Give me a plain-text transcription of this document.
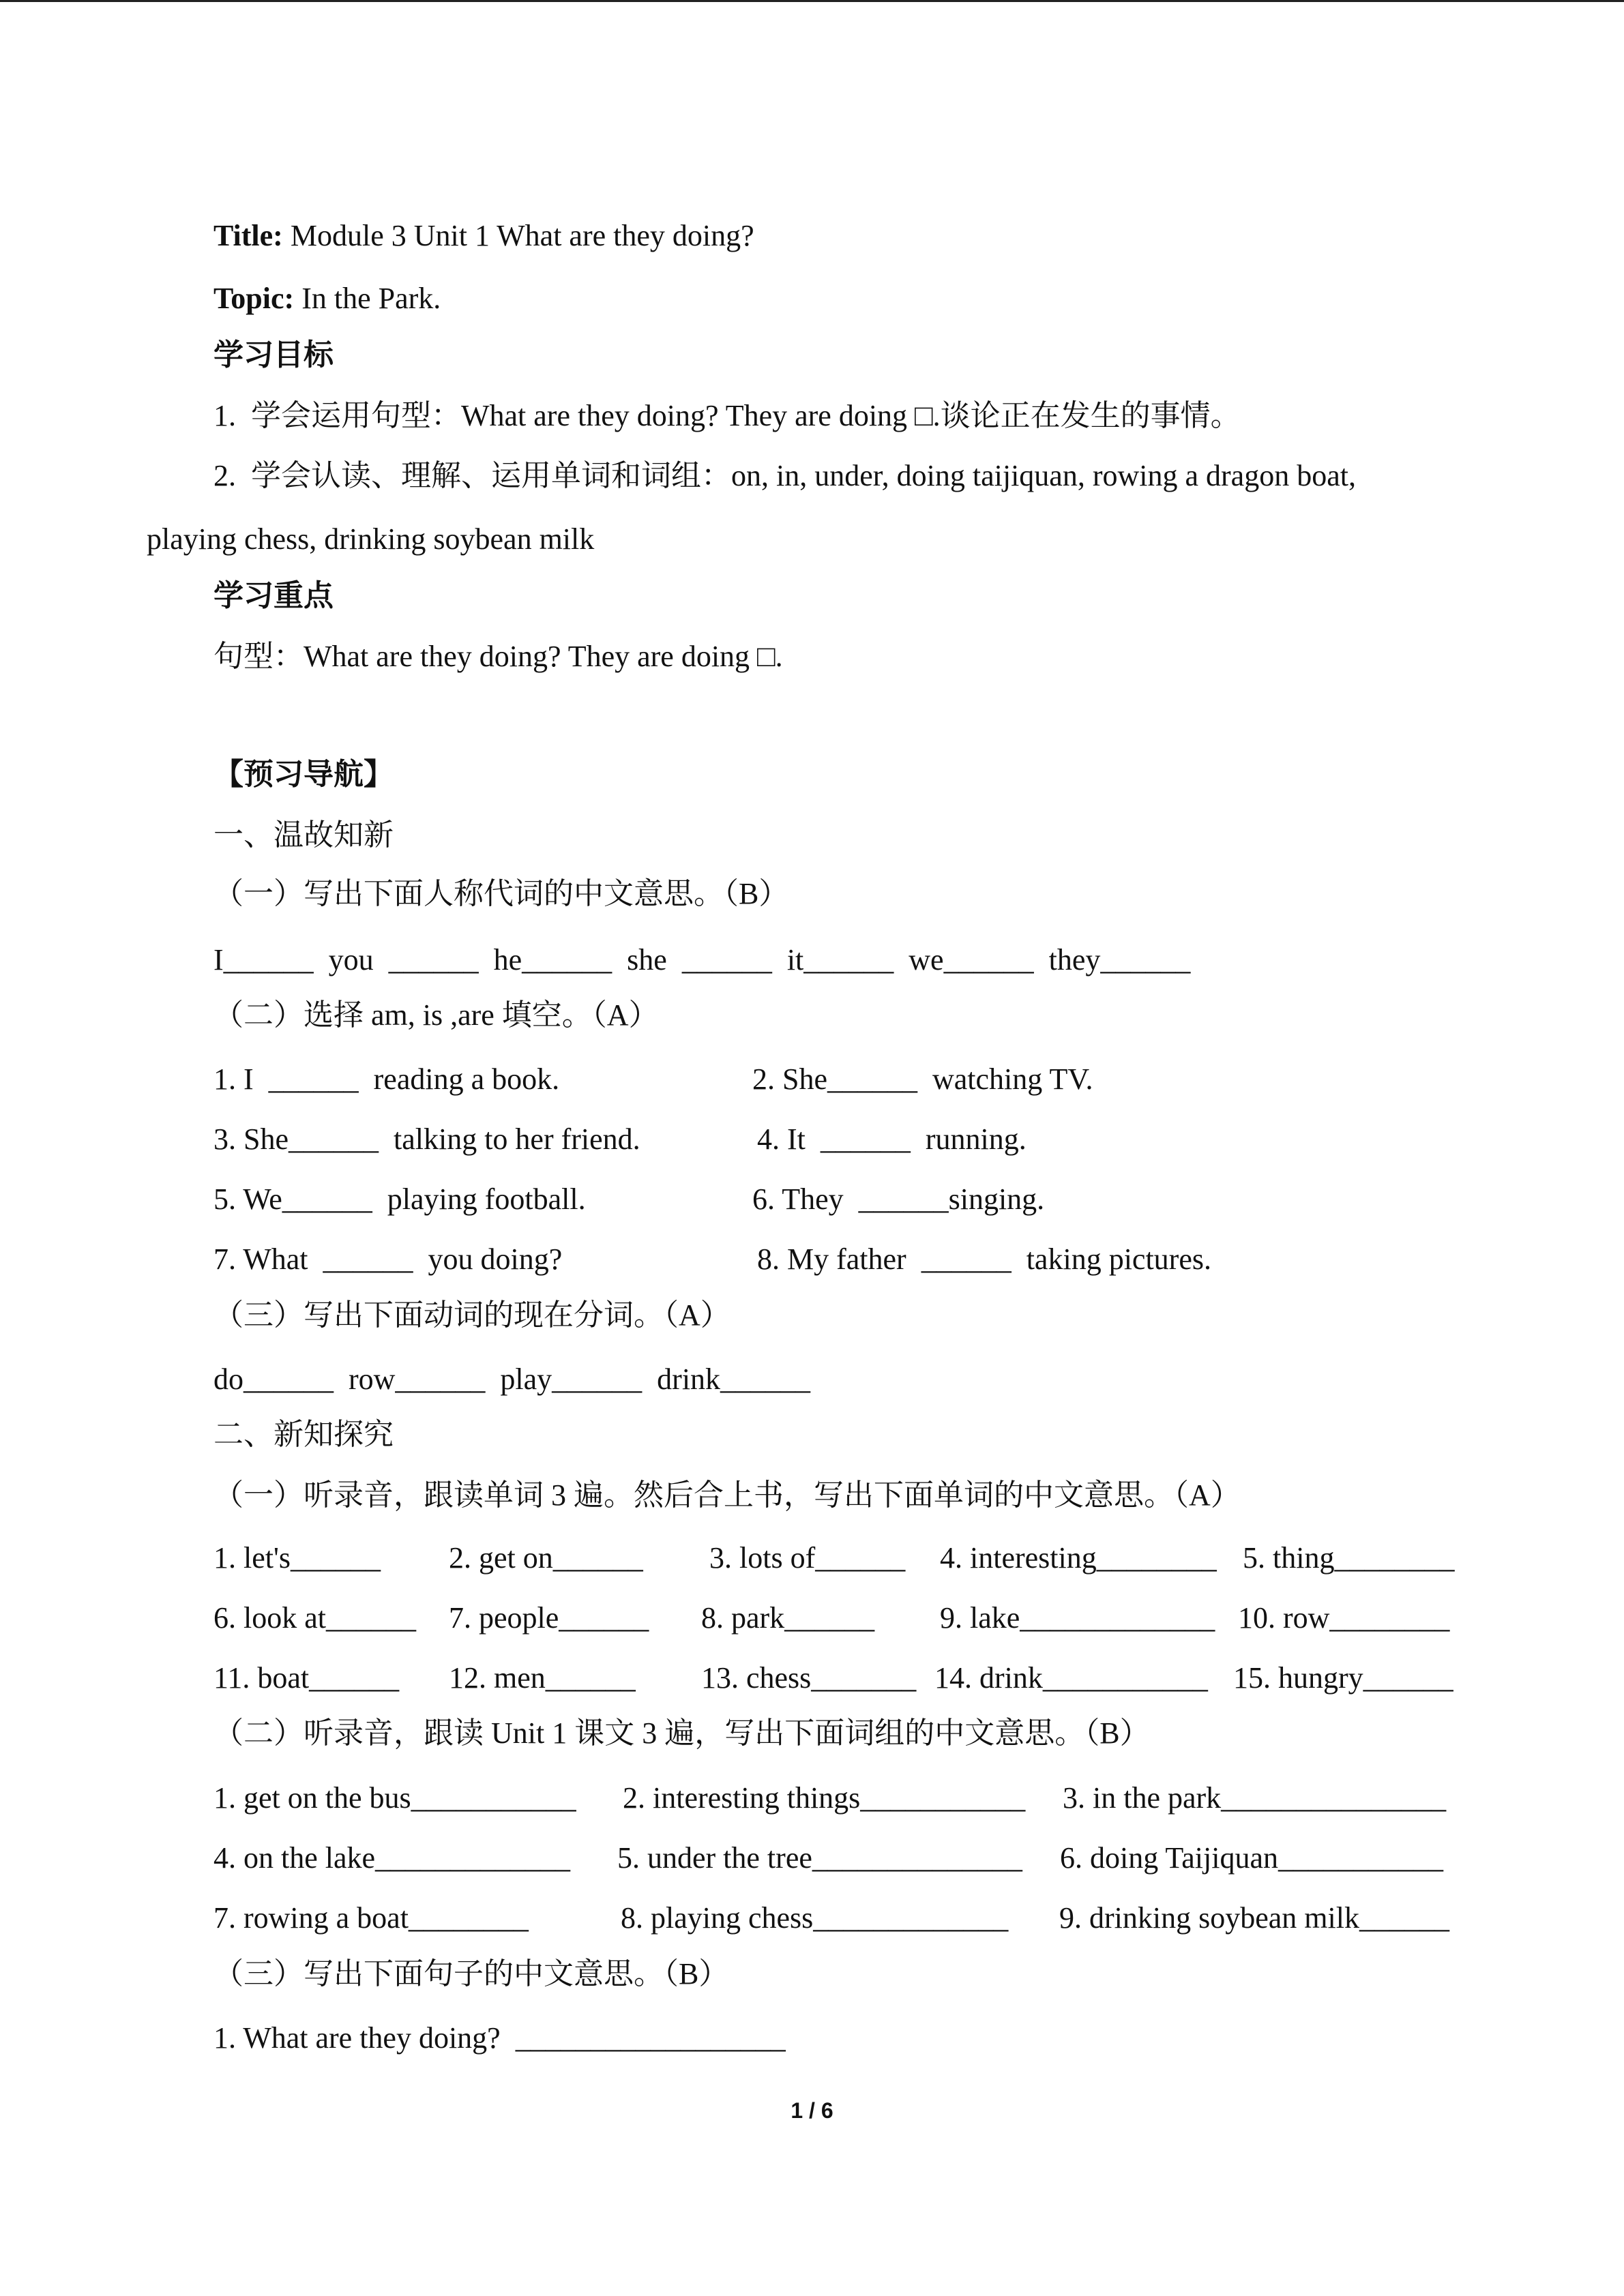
Title: Module 3 Unit 1 What are they doing?
Topic: In the Park.
学习目标
1.  学会运用句型：What are they doing? They are doing □.谈论正在发生的事情。
2.  学会认读、理解、运用单词和词组：on, in, under, doing taijiquan, rowing a dragon boat,
playing chess, drinking soybean milk
学习重点
句型：What are they doing? They are doing □.
【预习导航】
一、温故知新
（一）写出下面人称代词的中文意思。（B）
I______  you  ______  he______  she  ______  it______  we______  they______
（二）选择 am, is ,are 填空。（A）
1. I  ______  reading a book.	2. She______  watching TV.
3. She______  talking to her friend.	4. It  ______  running.
5. We______  playing football.	6. They  ______singing.
7. What  ______  you doing?	8. My father  ______  taking pictures.
（三）写出下面动词的现在分词。（A）
do______  row______  play______  drink______
二、新知探究
（一）听录音，跟读单词 3 遍。然后合上书，写出下面单词的中文意思。（A）
1. let's______ 2. get on______ 3. lots of______ 4. interesting________ 5. thing________
6. look at______ 7. people______ 8. park______ 9. lake_____________ 10. row________
11. boat______ 12. men______ 13. chess_______ 14. drink___________ 15. hungry______
（二）听录音，跟读 Unit 1 课文 3 遍，写出下面词组的中文意思。（B）
1. get on the bus___________ 2. interesting things___________ 3. in the park_______________
4. on the lake_____________ 5. under the tree______________ 6. doing Taijiquan___________
7. rowing a boat________	8. playing chess_____________ 9. drinking soybean milk______
（三）写出下面句子的中文意思。（B）
1. What are they doing?  __________________
1 / 6
